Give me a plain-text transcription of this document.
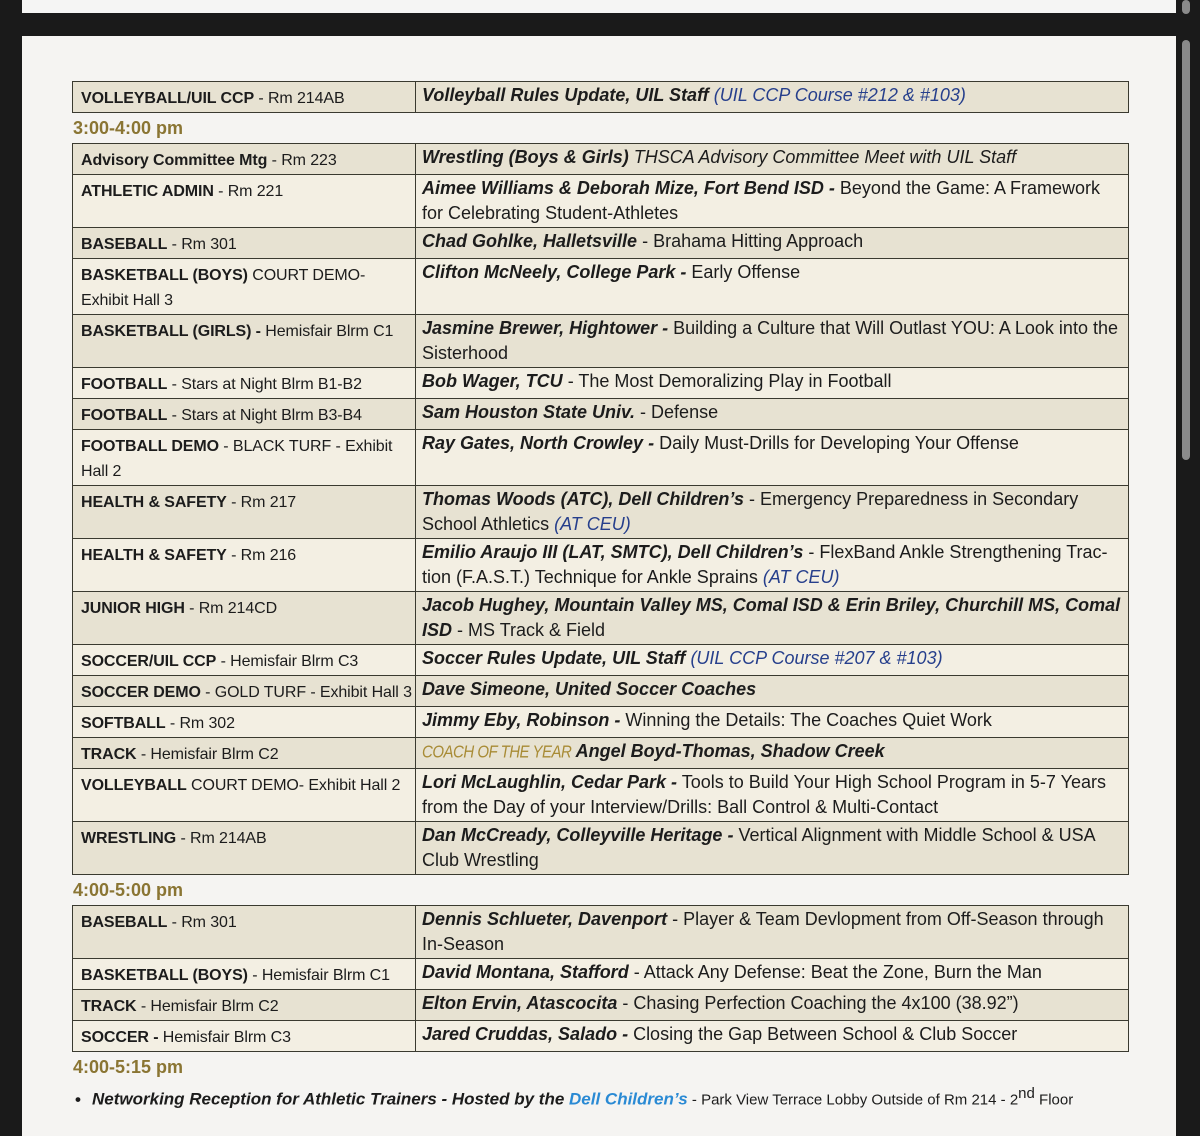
VOLLEYBALL/UIL CCP - Rm 214AB	Volleyball Rules Update, UIL Staff (UIL CCP Course #212 & #103)
3:00-4:00 pm
Advisory Committee Mtg - Rm 223	Wrestling (Boys & Girls) THSCA Advisory Committee Meet with UIL Staff
ATHLETIC ADMIN - Rm 221	Aimee Williams & Deborah Mize, Fort Bend ISD - Beyond the Game: A Framework for Celebrating Student-Athletes
BASEBALL - Rm 301	Chad Gohlke, Halletsville - Brahama Hitting Approach
BASKETBALL (BOYS) COURT DEMO- Exhibit Hall 3	Clifton McNeely, College Park - Early Offense
BASKETBALL (GIRLS) - Hemisfair Blrm C1	Jasmine Brewer, Hightower - Building a Culture that Will Outlast YOU: A Look into the Sisterhood
FOOTBALL - Stars at Night Blrm B1-B2	Bob Wager, TCU - The Most Demoralizing Play in Football
FOOTBALL - Stars at Night Blrm B3-B4	Sam Houston State Univ. - Defense
FOOTBALL DEMO - BLACK TURF - Exhibit Hall 2	Ray Gates, North Crowley - Daily Must-Drills for Developing Your Offense
HEALTH & SAFETY - Rm 217	Thomas Woods (ATC), Dell Children’s - Emergency Preparedness in Secondary School Athletics (AT CEU)
HEALTH & SAFETY - Rm 216	Emilio Araujo III (LAT, SMTC), Dell Children’s - FlexBand Ankle Strengthening Trac-tion (F.A.S.T.) Technique for Ankle Sprains (AT CEU)
JUNIOR HIGH - Rm 214CD	Jacob Hughey, Mountain Valley MS, Comal ISD & Erin Briley, Churchill MS, Comal ISD - MS Track & Field
SOCCER/UIL CCP - Hemisfair Blrm C3	Soccer Rules Update, UIL Staff (UIL CCP Course #207 & #103)
SOCCER DEMO - GOLD TURF - Exhibit Hall 3	Dave Simeone, United Soccer Coaches
SOFTBALL - Rm 302	Jimmy Eby, Robinson - Winning the Details: The Coaches Quiet Work
TRACK - Hemisfair Blrm C2	COACH OF THE YEAR Angel Boyd-Thomas, Shadow Creek
VOLLEYBALL COURT DEMO- Exhibit Hall 2	Lori McLaughlin, Cedar Park - Tools to Build Your High School Program in 5-7 Years from the Day of your Interview/Drills: Ball Control & Multi-Contact
WRESTLING - Rm 214AB	Dan McCready, Colleyville Heritage - Vertical Alignment with Middle School & USA Club Wrestling
4:00-5:00 pm
BASEBALL - Rm 301	Dennis Schlueter, Davenport - Player & Team Devlopment from Off-Season through In-Season
BASKETBALL (BOYS) - Hemisfair Blrm C1	David Montana, Stafford - Attack Any Defense: Beat the Zone, Burn the Man
TRACK - Hemisfair Blrm C2	Elton Ervin, Atascocita - Chasing Perfection Coaching the 4x100 (38.92”)
SOCCER - Hemisfair Blrm C3	Jared Cruddas, Salado - Closing the Gap Between School & Club Soccer
4:00-5:15 pm
• Networking Reception for Athletic Trainers - Hosted by the Dell Children’s - Park View Terrace Lobby Outside of Rm 214 - 2nd Floor
